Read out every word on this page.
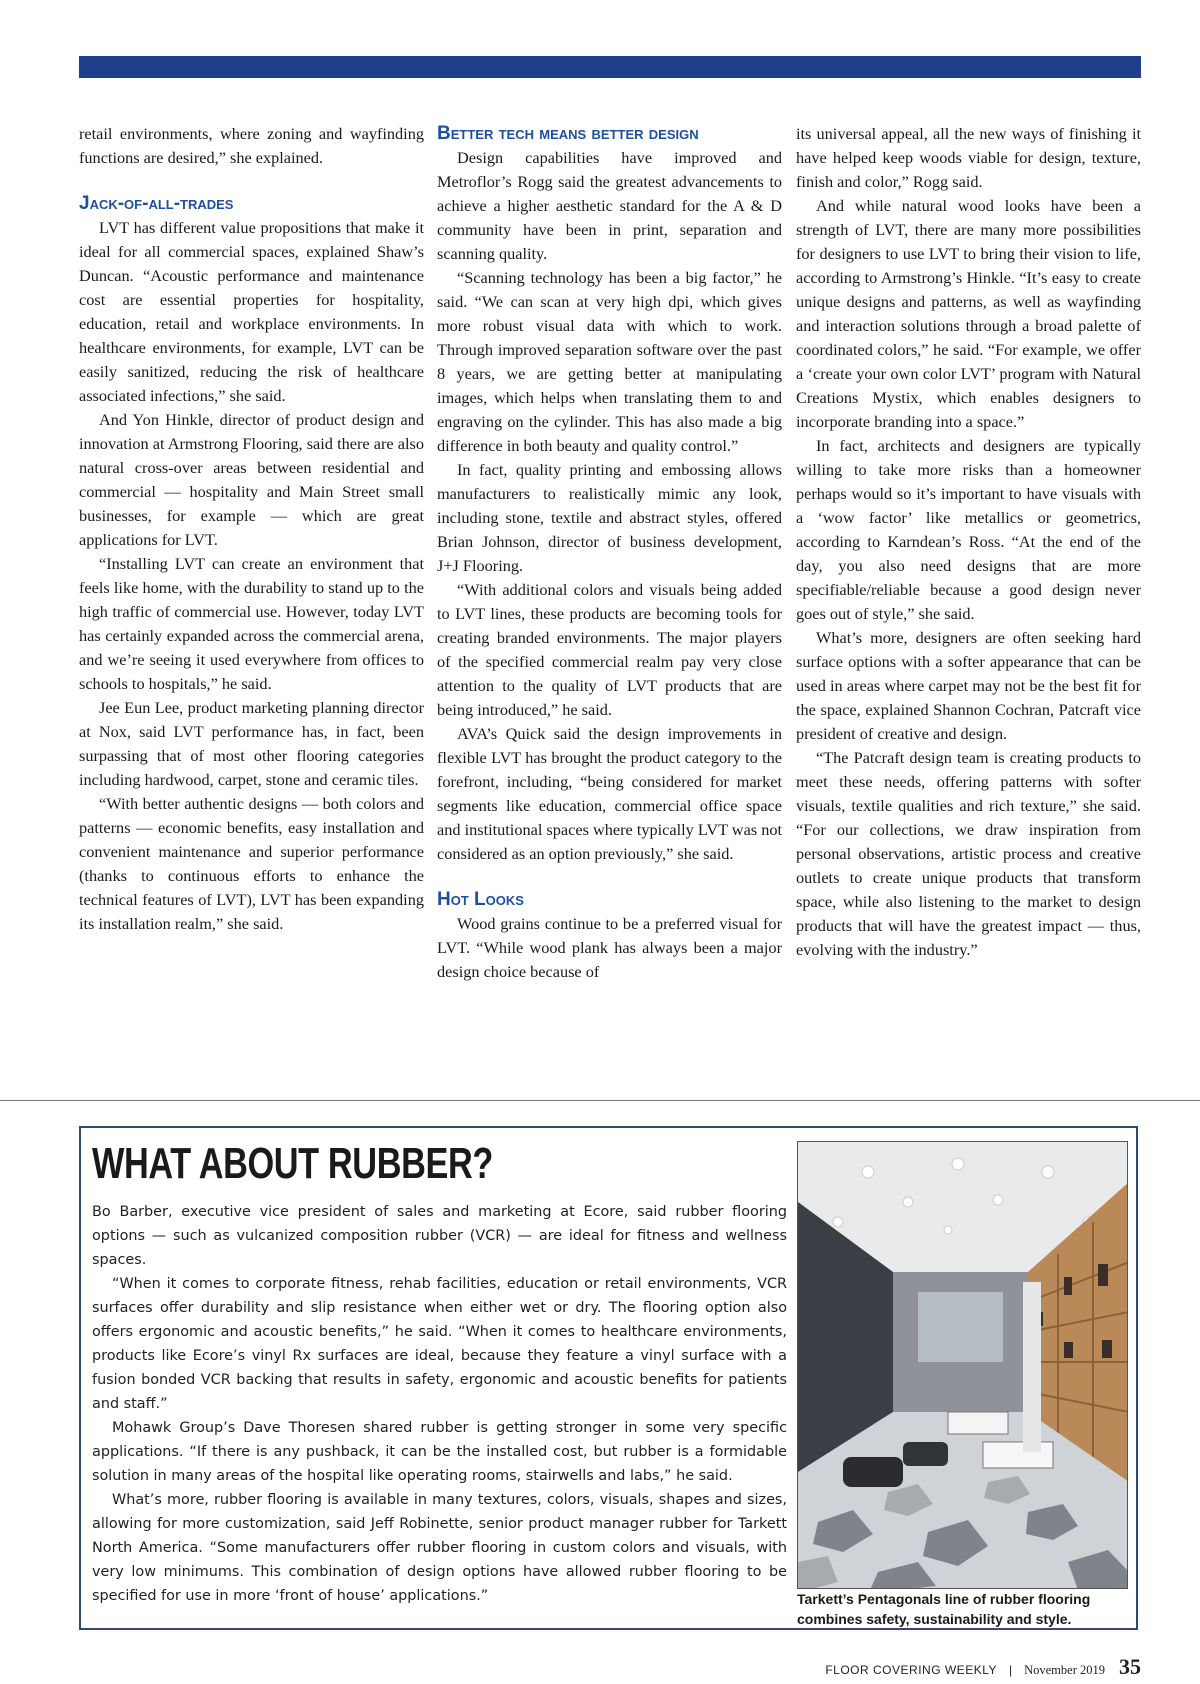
retail environments, where zoning and wayfinding functions are desired,” she explained.

Jack-of-all-trades

LVT has different value propositions that make it ideal for all commercial spaces, explained Shaw’s Duncan. “Acoustic performance and maintenance cost are essential properties for hospitality, education, retail and workplace environments. In healthcare environments, for example, LVT can be easily sanitized, reducing the risk of healthcare associated infections,” she said.

And Yon Hinkle, director of product design and innovation at Armstrong Flooring, said there are also natural cross-over areas between residential and commercial — hospitality and Main Street small businesses, for example — which are great applications for LVT.

“Installing LVT can create an environment that feels like home, with the durability to stand up to the high traffic of commercial use. However, today LVT has certainly expanded across the commercial arena, and we’re seeing it used everywhere from offices to schools to hospitals,” he said.

Jee Eun Lee, product marketing planning director at Nox, said LVT performance has, in fact, been surpassing that of most other flooring categories including hardwood, carpet, stone and ceramic tiles.

“With better authentic designs — both colors and patterns — economic benefits, easy installation and convenient maintenance and superior performance (thanks to continuous efforts to enhance the technical features of LVT), LVT has been expanding its installation realm,” she said.

Better tech means better design

Design capabilities have improved and Metroflor’s Rogg said the greatest advancements to achieve a higher aesthetic standard for the A & D community have been in print, separation and scanning quality.

“Scanning technology has been a big factor,” he said. “We can scan at very high dpi, which gives more robust visual data with which to work. Through improved separation software over the past 8 years, we are getting better at manipulating images, which helps when translating them to and engraving on the cylinder. This has also made a big difference in both beauty and quality control.”

In fact, quality printing and embossing allows manufacturers to realistically mimic any look, including stone, textile and abstract styles, offered Brian Johnson, director of business development, J+J Flooring.

“With additional colors and visuals being added to LVT lines, these products are becoming tools for creating branded environments. The major players of the specified commercial realm pay very close attention to the quality of LVT products that are being introduced,” he said.

AVA’s Quick said the design improvements in flexible LVT has brought the product category to the forefront, including, “being considered for market segments like education, commercial office space and institutional spaces where typically LVT was not considered as an option previously,” she said.

Hot Looks

Wood grains continue to be a preferred visual for LVT. “While wood plank has always been a major design choice because of

its universal appeal, all the new ways of finishing it have helped keep woods viable for design, texture, finish and color,” Rogg said.

And while natural wood looks have been a strength of LVT, there are many more possibilities for designers to use LVT to bring their vision to life, according to Armstrong’s Hinkle. “It’s easy to create unique designs and patterns, as well as wayfinding and interaction solutions through a broad palette of coordinated colors,” he said. “For example, we offer a ‘create your own color LVT’ program with Natural Creations Mystix, which enables designers to incorporate branding into a space.”

In fact, architects and designers are typically willing to take more risks than a homeowner perhaps would so it’s important to have visuals with a ‘wow factor’ like metallics or geometrics, according to Karndean’s Ross. “At the end of the day, you also need designs that are more specifiable/reliable because a good design never goes out of style,” she said.

What’s more, designers are often seeking hard surface options with a softer appearance that can be used in areas where carpet may not be the best fit for the space, explained Shannon Cochran, Patcraft vice president of creative and design.

“The Patcraft design team is creating products to meet these needs, offering patterns with softer visuals, textile qualities and rich texture,” she said. “For our collections, we draw inspiration from personal observations, artistic process and creative outlets to create unique products that transform space, while also listening to the market to design products that will have the greatest impact — thus, evolving with the industry.”

WHAT ABOUT RUBBER?

Bo Barber, executive vice president of sales and marketing at Ecore, said rubber flooring options — such as vulcanized composition rubber (VCR) — are ideal for fitness and wellness spaces.

“When it comes to corporate fitness, rehab facilities, education or retail environments, VCR surfaces offer durability and slip resistance when either wet or dry. The flooring option also offers ergonomic and acoustic benefits,” he said. “When it comes to healthcare environments, products like Ecore’s vinyl Rx surfaces are ideal, because they feature a vinyl surface with a fusion bonded VCR backing that results in safety, ergonomic and acoustic benefits for patients and staff.”

Mohawk Group’s Dave Thoresen shared rubber is getting stronger in some very specific applications. “If there is any pushback, it can be the installed cost, but rubber is a formidable solution in many areas of the hospital like operating rooms, stairwells and labs,” he said.

What’s more, rubber flooring is available in many textures, colors, visuals, shapes and sizes, allowing for more customization, said Jeff Robinette, senior product manager rubber for Tarkett North America. “Some manufacturers offer rubber flooring in custom colors and visuals, with very low minimums. This combination of design options have allowed rubber flooring to be specified for use in more ‘front of house’ applications.”	Tarkett’s Pentagonals line of rubber flooring combines safety, sustainability and style.
FLOOR COVERING WEEKLY | November 2019 35
